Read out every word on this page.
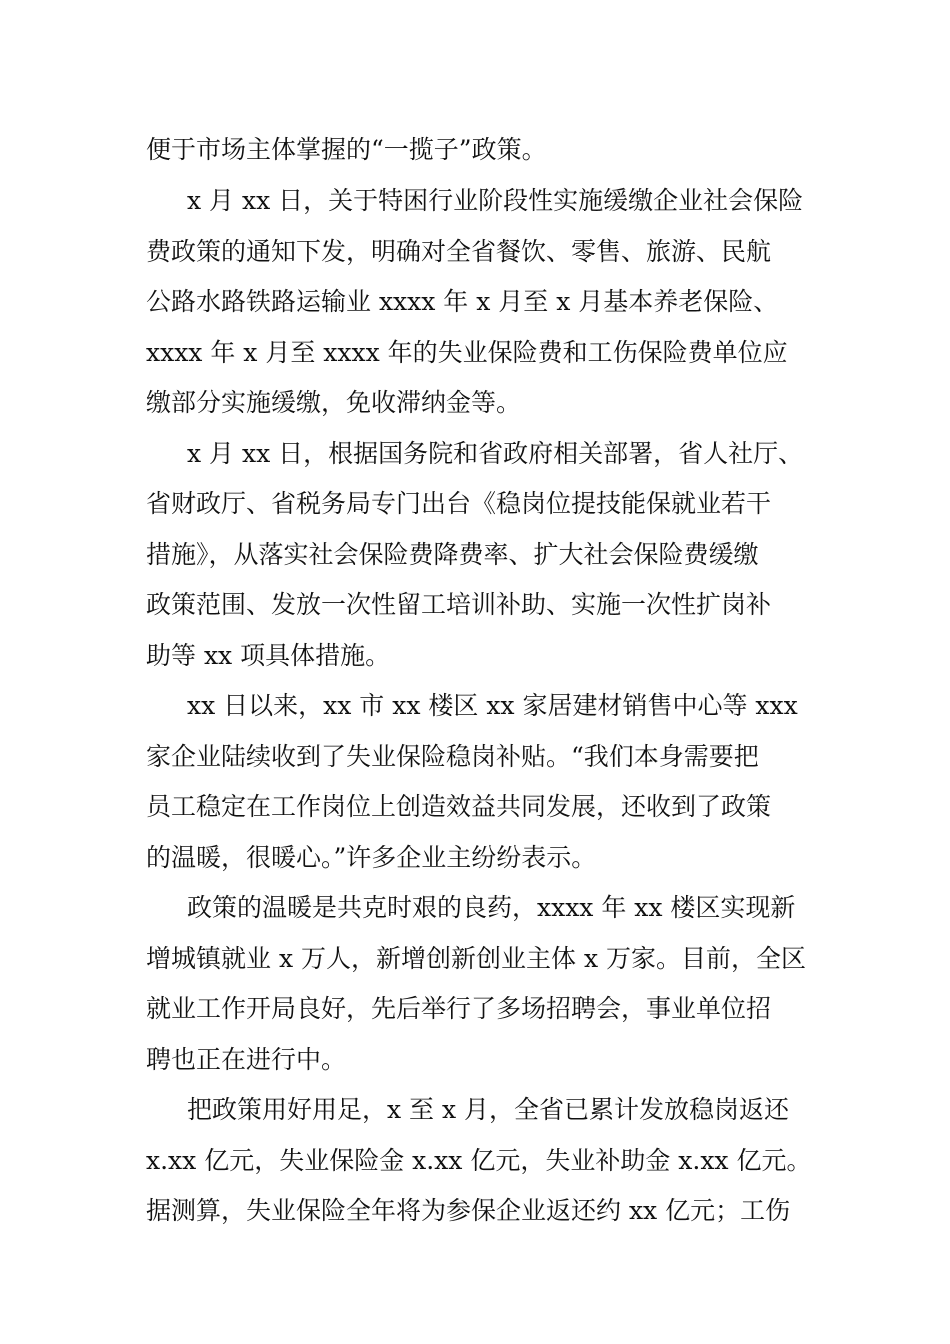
便于市场主体掌握的“一揽子”政策。
x 月 xx 日，关于特困行业阶段性实施缓缴企业社会保险
费政策的通知下发，明确对全省餐饮、零售、旅游、民航
公路水路铁路运输业 xxxx 年 x 月至 x 月基本养老保险、
xxxx 年 x 月至 xxxx 年的失业保险费和工伤保险费单位应
缴部分实施缓缴，免收滞纳金等。
x 月 xx 日，根据国务院和省政府相关部署，省人社厅、
省财政厅、省税务局专门出台《稳岗位提技能保就业若干
措施》，从落实社会保险费降费率、扩大社会保险费缓缴
政策范围、发放一次性留工培训补助、实施一次性扩岗补
助等 xx 项具体措施。
xx 日以来，xx 市 xx 楼区 xx 家居建材销售中心等 xxx
家企业陆续收到了失业保险稳岗补贴。“我们本身需要把
员工稳定在工作岗位上创造效益共同发展，还收到了政策
的温暖，很暖心。”许多企业主纷纷表示。
政策的温暖是共克时艰的良药，xxxx 年 xx 楼区实现新
增城镇就业 x 万人，新增创新创业主体 x 万家。目前，全区
就业工作开局良好，先后举行了多场招聘会，事业单位招
聘也正在进行中。
把政策用好用足，x 至 x 月，全省已累计发放稳岗返还
x.xx 亿元，失业保险金 x.xx 亿元，失业补助金 x.xx 亿元。
据测算，失业保险全年将为参保企业返还约 xx 亿元；工伤
